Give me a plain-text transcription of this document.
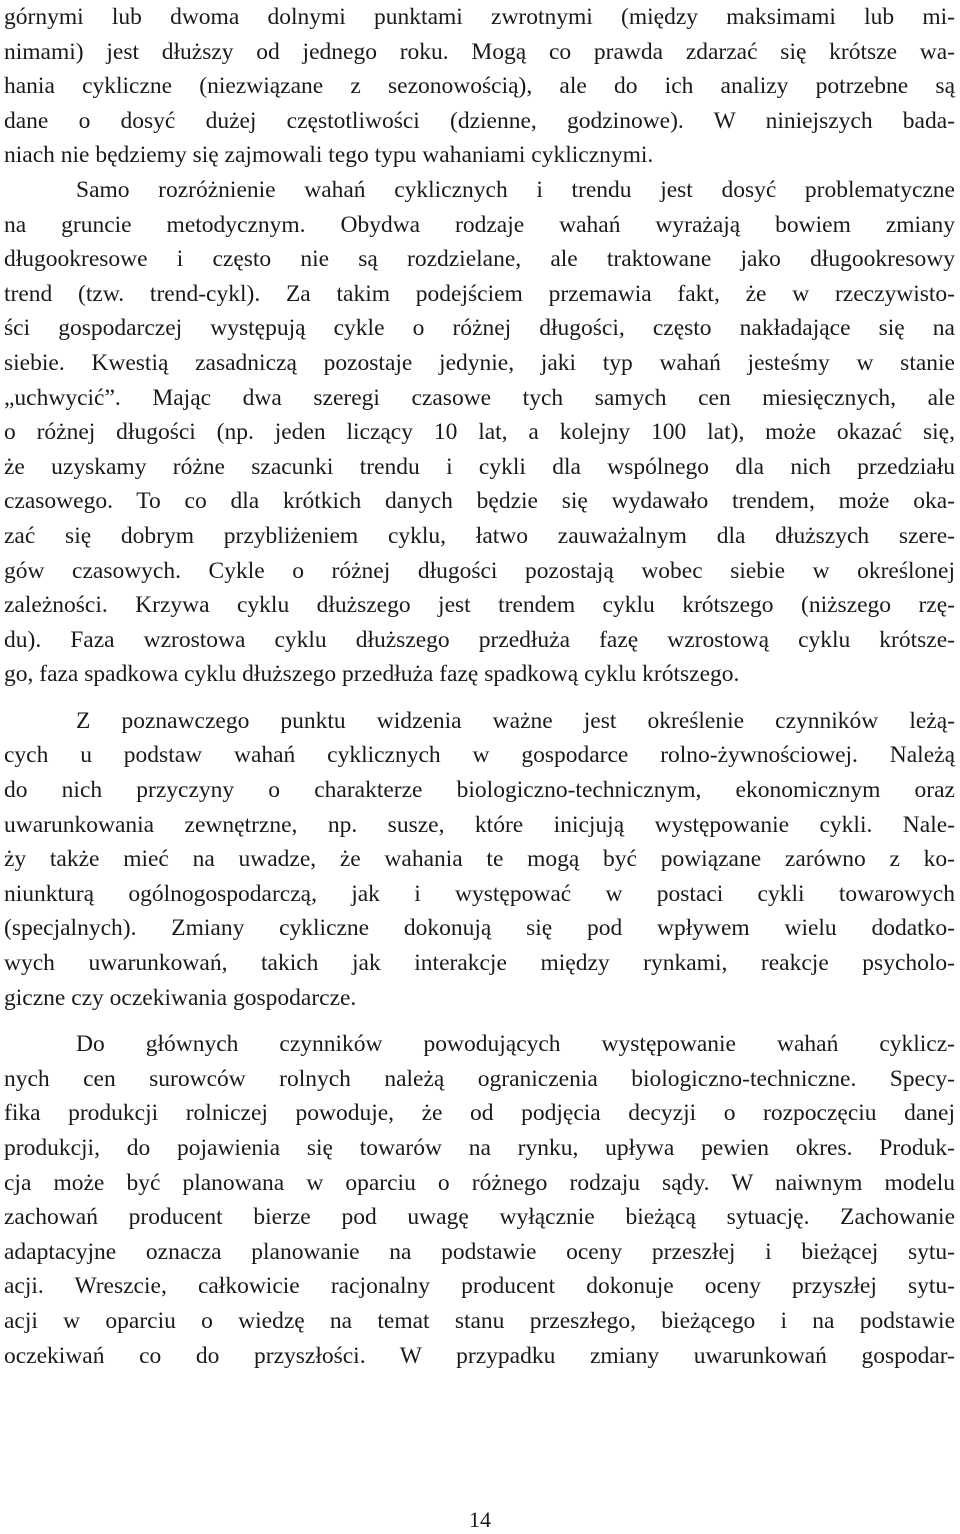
górnymi lub dwoma dolnymi punktami zwrotnymi (między maksimami lub mi-
nimami) jest dłuższy od jednego roku. Mogą co prawda zdarzać się krótsze wa-
hania cykliczne (niezwiązane z sezonowością), ale do ich analizy potrzebne są
dane o dosyć dużej częstotliwości (dzienne, godzinowe). W niniejszych bada-
niach nie będziemy się zajmowali tego typu wahaniami cyklicznymi.
Samo rozróżnienie wahań cyklicznych i trendu jest dosyć problematyczne
na gruncie metodycznym. Obydwa rodzaje wahań wyrażają bowiem zmiany
długookresowe i często nie są rozdzielane, ale traktowane jako długookresowy
trend (tzw. trend-cykl). Za takim podejściem przemawia fakt, że w rzeczywisto-
ści gospodarczej występują cykle o różnej długości, często nakładające się na
siebie. Kwestią zasadniczą pozostaje jedynie, jaki typ wahań jesteśmy w stanie
„uchwycić”. Mając dwa szeregi czasowe tych samych cen miesięcznych, ale
o różnej długości (np. jeden liczący 10 lat, a kolejny 100 lat), może okazać się,
że uzyskamy różne szacunki trendu i cykli dla wspólnego dla nich przedziału
czasowego. To co dla krótkich danych będzie się wydawało trendem, może oka-
zać się dobrym przybliżeniem cyklu, łatwo zauważalnym dla dłuższych szere-
gów czasowych. Cykle o różnej długości pozostają wobec siebie w określonej
zależności. Krzywa cyklu dłuższego jest trendem cyklu krótszego (niższego rzę-
du). Faza wzrostowa cyklu dłuższego przedłuża fazę wzrostową cyklu krótsze-
go, faza spadkowa cyklu dłuższego przedłuża fazę spadkową cyklu krótszego.
Z poznawczego punktu widzenia ważne jest określenie czynników leżą-
cych u podstaw wahań cyklicznych w gospodarce rolno-żywnościowej. Należą
do nich przyczyny o charakterze biologiczno-technicznym, ekonomicznym oraz
uwarunkowania zewnętrzne, np. susze, które inicjują występowanie cykli. Nale-
ży także mieć na uwadze, że wahania te mogą być powiązane zarówno z ko-
niunkturą ogólnogospodarczą, jak i występować w postaci cykli towarowych
(specjalnych). Zmiany cykliczne dokonują się pod wpływem wielu dodatko-
wych uwarunkowań, takich jak interakcje między rynkami, reakcje psycholo-
giczne czy oczekiwania gospodarcze.
Do głównych czynników powodujących występowanie wahań cyklicz-
nych cen surowców rolnych należą ograniczenia biologiczno-techniczne. Specy-
fika produkcji rolniczej powoduje, że od podjęcia decyzji o rozpoczęciu danej
produkcji, do pojawienia się towarów na rynku, upływa pewien okres. Produk-
cja może być planowana w oparciu o różnego rodzaju sądy. W naiwnym modelu
zachowań producent bierze pod uwagę wyłącznie bieżącą sytuację. Zachowanie
adaptacyjne oznacza planowanie na podstawie oceny przeszłej i bieżącej sytu-
acji. Wreszcie, całkowicie racjonalny producent dokonuje oceny przyszłej sytu-
acji w oparciu o wiedzę na temat stanu przeszłego, bieżącego i na podstawie
oczekiwań co do przyszłości. W przypadku zmiany uwarunkowań gospodar-
14
